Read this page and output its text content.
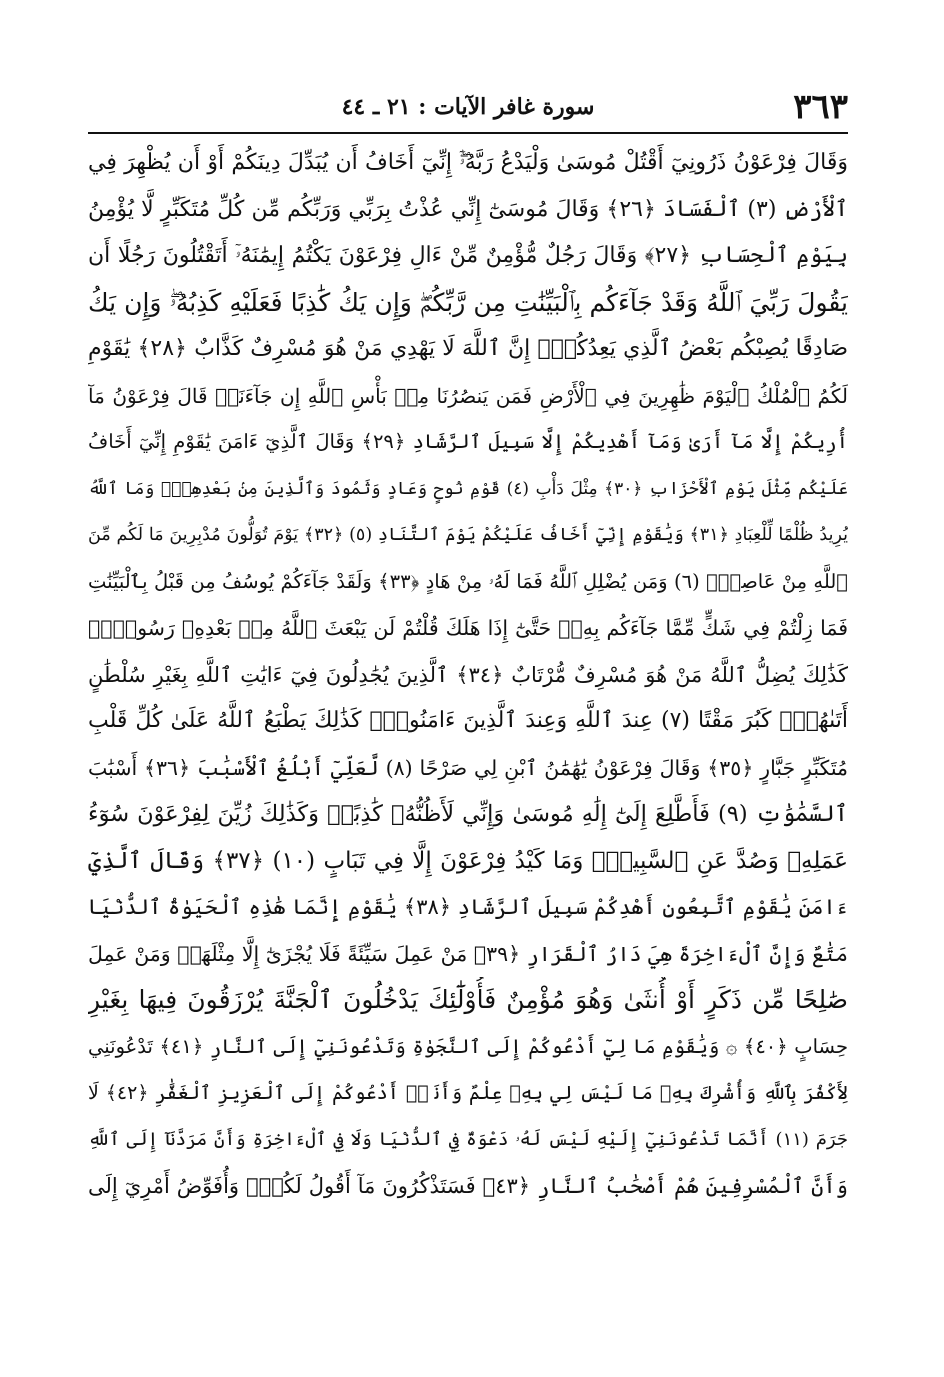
٣٦٣
سورة غافر الآيات : ٢١ ـ ٤٤
وَقَالَ فِرْعَوْنُ ذَرُونِيٓ أَقْتُلْ مُوسَىٰ وَلْيَدْعُ رَبَّهُۥٓۖ إِنِّيٓ أَخَافُ أَن يُبَدِّلَ دِينَكُمْ أَوْ أَن يُظْهِرَ فِي
ٱلْأَرْضِ (٣) ٱلْفَسَادَ ﴿٢٦﴾ وَقَالَ مُوسَىٰٓ إِنِّي عُذْتُ بِرَبِّي وَرَبِّكُم مِّن كُلِّ مُتَكَبِّرٍ لَّا يُؤْمِنُ
بِيَوْمِ ٱلْحِسَابِ ﴿٢٧﴾ وَقَالَ رَجُلٌ مُّؤْمِنٌ مِّنْ ءَالِ فِرْعَوْنَ يَكْتُمُ إِيمَٰنَهُۥٓ أَتَقْتُلُونَ رَجُلًا أَن
يَقُولَ رَبِّيَ ٱللَّهُ وَقَدْ جَآءَكُم بِٱلْبَيِّنَٰتِ مِن رَّبِّكُمْۖ وَإِن يَكُ كَٰذِبًا فَعَلَيْهِ كَذِبُهُۥۖ وَإِن يَكُ
صَادِقًا يُصِبْكُم بَعْضُ ٱلَّذِي يَعِدُكُمْۖ إِنَّ ٱللَّهَ لَا يَهْدِي مَنْ هُوَ مُسْرِفٌ كَذَّابٌ ﴿٢٨﴾ يَٰقَوْمِ
لَكُمُ ٱلْمُلْكُ ٱلْيَوْمَ ظَٰهِرِينَ فِي ٱلْأَرْضِ فَمَن يَنصُرُنَا مِنۢ بَأْسِ ٱللَّهِ إِن جَآءَنَاۚ قَالَ فِرْعَوْنُ مَآ
أُرِيكُمْ إِلَّا مَآ أَرَىٰ وَمَآ أَهْدِيكُمْ إِلَّا سَبِيلَ ٱلرَّشَادِ ﴿٢٩﴾ وَقَالَ ٱلَّذِيٓ ءَامَنَ يَٰقَوْمِ إِنِّيٓ أَخَافُ
عَلَيْكُم مِّثْلَ يَوْمِ ٱلْأَحْزَابِ ﴿٣٠﴾ مِثْلَ دَأْبِ (٤) قَوْمِ نُوحٍ وَعَادٍ وَثَمُودَ وَٱلَّذِينَ مِنۢ بَعْدِهِمْۚ وَمَا ٱللَّهُ
يُرِيدُ ظُلْمًا لِّلْعِبَادِ ﴿٣١﴾ وَيَٰقَوْمِ إِنِّيٓ أَخَافُ عَلَيْكُمْ يَوْمَ ٱلتَّنَادِ (٥) ﴿٣٢﴾ يَوْمَ تُوَلُّونَ مُدْبِرِينَ مَا لَكُم مِّنَ
ٱللَّهِ مِنْ عَاصِمٍۗ (٦) وَمَن يُضْلِلِ ٱللَّهُ فَمَا لَهُۥ مِنْ هَادٍ ﴿٣٣﴾ وَلَقَدْ جَآءَكُمْ يُوسُفُ مِن قَبْلُ بِٱلْبَيِّنَٰتِ
فَمَا زِلْتُمْ فِي شَكٍّ مِّمَّا جَآءَكُم بِهِۦۖ حَتَّىٰٓ إِذَا هَلَكَ قُلْتُمْ لَن يَبْعَثَ ٱللَّهُ مِنۢ بَعْدِهِۦ رَسُولًاۚ
كَذَٰلِكَ يُضِلُّ ٱللَّهُ مَنْ هُوَ مُسْرِفٌ مُّرْتَابٌ ﴿٣٤﴾ ٱلَّذِينَ يُجَٰدِلُونَ فِيٓ ءَايَٰتِ ٱللَّهِ بِغَيْرِ سُلْطَٰنٍ
أَتَىٰهُمْۖ كَبُرَ مَقْتًا (٧) عِندَ ٱللَّهِ وَعِندَ ٱلَّذِينَ ءَامَنُواْۚ كَذَٰلِكَ يَطْبَعُ ٱللَّهُ عَلَىٰ كُلِّ قَلْبِ
مُتَكَبِّرٍ جَبَّارٍ ﴿٣٥﴾ وَقَالَ فِرْعَوْنُ يَٰهَٰمَٰنُ ٱبْنِ لِي صَرْحًا (٨) لَّعَلِّيٓ أَبْلُغُ ٱلْأَسْبَٰبَ ﴿٣٦﴾ أَسْبَٰبَ
ٱلسَّمَٰوَٰتِ (٩) فَأَطَّلِعَ إِلَىٰٓ إِلَٰهِ مُوسَىٰ وَإِنِّي لَأَظُنُّهُۥ كَٰذِبًاۚ وَكَذَٰلِكَ زُيِّنَ لِفِرْعَوْنَ سُوٓءُ
عَمَلِهِۦ وَصُدَّ عَنِ ٱلسَّبِيلِۚ وَمَا كَيْدُ فِرْعَوْنَ إِلَّا فِي تَبَابٍ (١٠) ﴿٣٧﴾ وَقَالَ ٱلَّذِيٓ
ءَامَنَ يَٰقَوْمِ ٱتَّبِعُونِ أَهْدِكُمْ سَبِيلَ ٱلرَّشَادِ ﴿٣٨﴾ يَٰقَوْمِ إِنَّمَا هَٰذِهِ ٱلْحَيَوٰةُ ٱلدُّنْيَا
مَتَٰعٌ وَإِنَّ ٱلْءَاخِرَةَ هِيَ دَارُ ٱلْقَرَارِ ﴿٣٩﴾ مَنْ عَمِلَ سَيِّئَةً فَلَا يُجْزَىٰٓ إِلَّا مِثْلَهَاۖ وَمَنْ عَمِلَ
صَٰلِحًا مِّن ذَكَرٍ أَوْ أُنثَىٰ وَهُوَ مُؤْمِنٌ فَأُوْلَٰٓئِكَ يَدْخُلُونَ ٱلْجَنَّةَ يُرْزَقُونَ فِيهَا بِغَيْرِ
حِسَابٍ ﴿٤٠﴾ ۞ وَيَٰقَوْمِ مَا لِيٓ أَدْعُوكُمْ إِلَى ٱلنَّجَوٰةِ وَتَدْعُونَنِيٓ إِلَى ٱلنَّارِ ﴿٤١﴾ تَدْعُونَنِي
لِأَكْفُرَ بِٱللَّهِ وَأُشْرِكَ بِهِۦ مَا لَيْسَ لِي بِهِۦ عِلْمٌ وَأَنَا۠ أَدْعُوكُمْ إِلَى ٱلْعَزِيزِ ٱلْغَفَّٰرِ ﴿٤٢﴾ لَا
جَرَمَ (١١) أَنَّمَا تَدْعُونَنِيٓ إِلَيْهِ لَيْسَ لَهُۥ دَعْوَةٌ فِي ٱلدُّنْيَا وَلَا فِي ٱلْءَاخِرَةِ وَأَنَّ مَرَدَّنَآ إِلَى ٱللَّهِ
وَأَنَّ ٱلْمُسْرِفِينَ هُمْ أَصْحَٰبُ ٱلنَّارِ ﴿٤٣﴾ فَسَتَذْكُرُونَ مَآ أَقُولُ لَكُمْۚ وَأُفَوِّضُ أَمْرِيٓ إِلَى
